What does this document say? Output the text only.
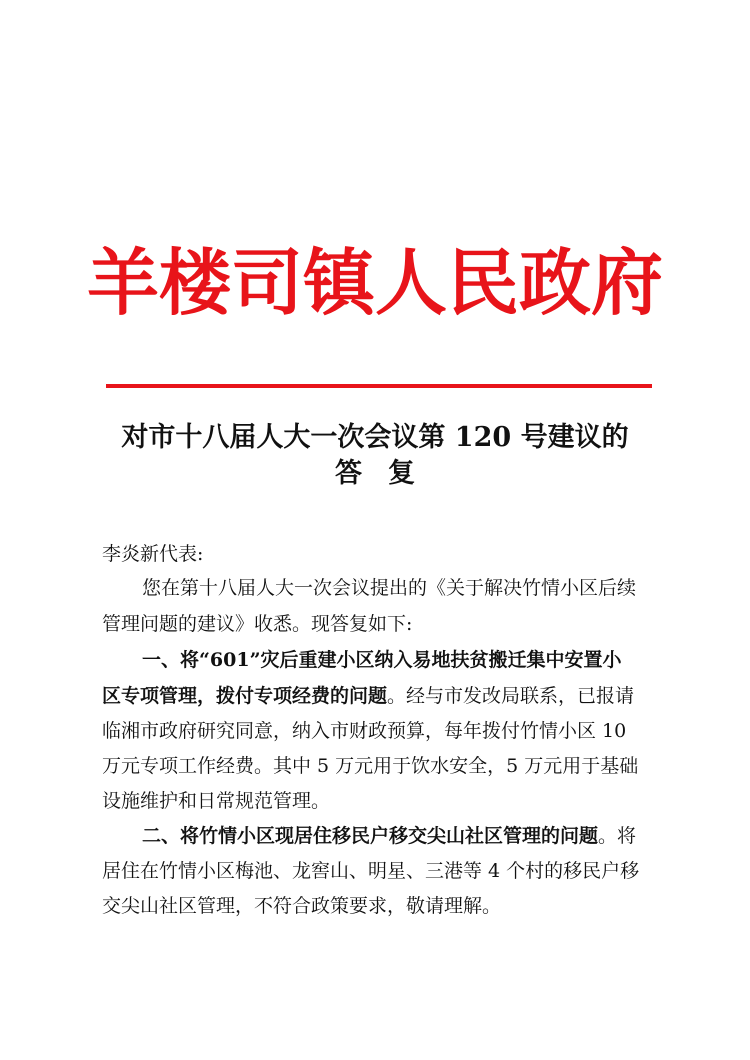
羊楼司镇人民政府
对市十八届人大一次会议第 120 号建议的
答复
李炎新代表:
您在第十八届人大一次会议提出的《关于解决竹情小区后续
管理问题的建议》收悉。现答复如下:
一、将“601”灾后重建小区纳入易地扶贫搬迁集中安置小
区专项管理，拨付专项经费的问题。经与市发改局联系，已报请
临湘市政府研究同意，纳入市财政预算，每年拨付竹情小区 10
万元专项工作经费。其中 5 万元用于饮水安全，5 万元用于基础
设施维护和日常规范管理。
二、将竹情小区现居住移民户移交尖山社区管理的问题。将
居住在竹情小区梅池、龙窖山、明星、三港等 4 个村的移民户移
交尖山社区管理，不符合政策要求，敬请理解。
